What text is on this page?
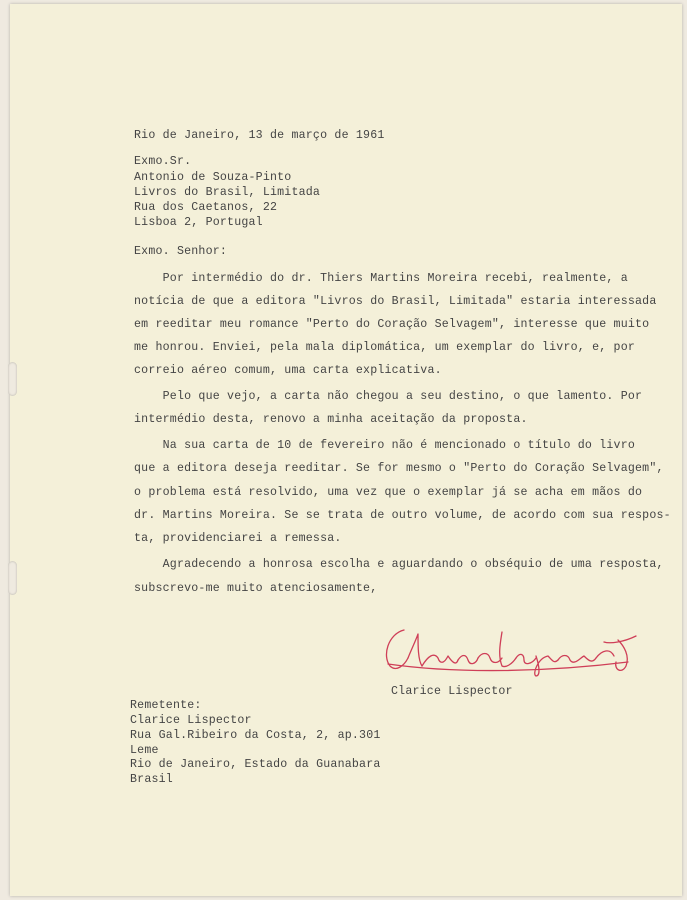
Rio de Janeiro, 13 de março de 1961

Exmo.Sr.

Antonio de Souza-Pinto

Livros do Brasil, Limitada

Rua dos Caetanos, 22

Lisboa 2, Portugal

Exmo. Senhor:

Por intermédio do dr. Thiers Martins Moreira recebi, realmente, a

notícia de que a editora "Livros do Brasil, Limitada" estaria interessada

em reeditar meu romance "Perto do Coração Selvagem", interesse que muito

me honrou. Enviei, pela mala diplomática, um exemplar do livro, e, por

correio aéreo comum, uma carta explicativa.

Pelo que vejo, a carta não chegou a seu destino, o que lamento. Por

intermédio desta, renovo a minha aceitação da proposta.

Na sua carta de 10 de fevereiro não é mencionado o título do livro

que a editora deseja reeditar. Se for mesmo o "Perto do Coração Selvagem",

o problema está resolvido, uma vez que o exemplar já se acha em mãos do

dr. Martins Moreira. Se se trata de outro volume, de acordo com sua respos-

ta, providenciarei a remessa.

Agradecendo a honrosa escolha e aguardando o obséquio de uma resposta,

subscrevo-me muito atenciosamente,

Clarice Lispector

Remetente:

Clarice Lispector

Rua Gal.Ribeiro da Costa, 2, ap.301

Leme

Rio de Janeiro, Estado da Guanabara

Brasil
